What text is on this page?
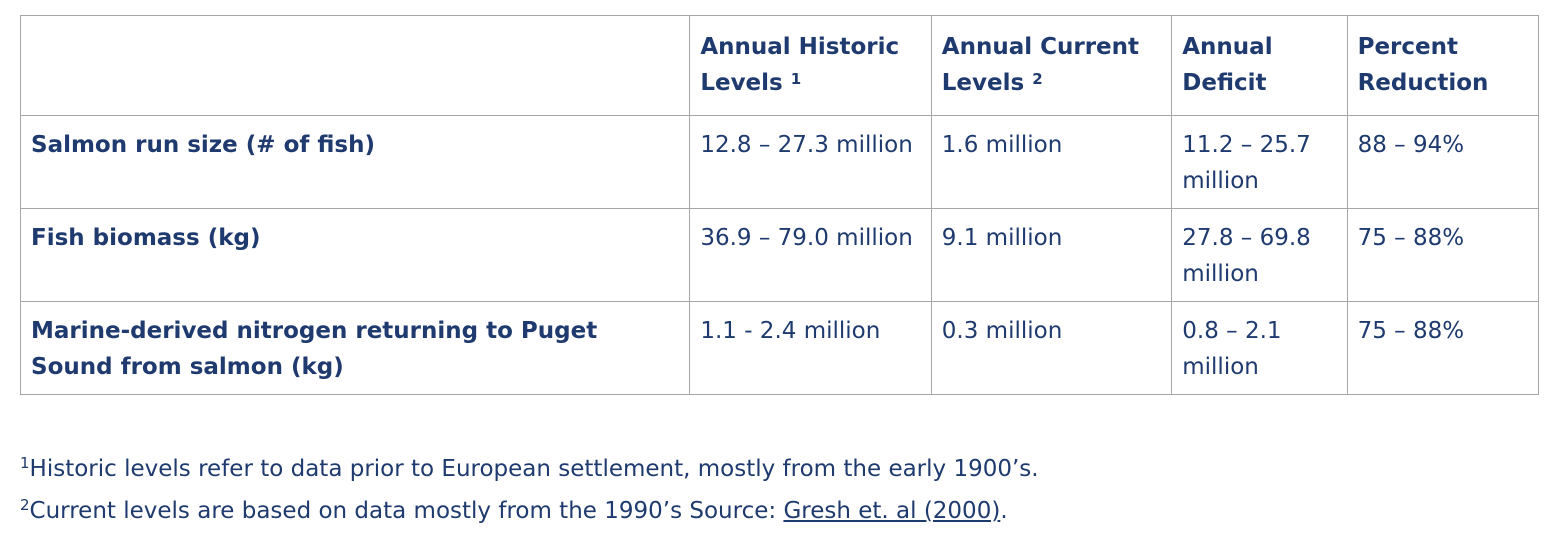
	Annual Historic Levels $^1$	Annual Current Levels $^2$	Annual Deficit	Percent Reduction
Salmon run size (# of fish)	12.8 – 27.3 million	1.6 million	11.2 – 25.7 million	88 – 94%
Fish biomass (kg)	36.9 – 79.0 million	9.1 million	27.8 – 69.8 million	75 – 88%
Marine-derived nitrogen returning to Puget Sound from salmon (kg)	1.1 - 2.4 million	0.3 million	0.8 – 2.1 million	75 – 88%

$^1$Historic levels refer to data prior to European settlement, mostly from the early 1900’s.

$^2$Current levels are based on data mostly from the 1990’s Source: Gresh et. al (2000).
